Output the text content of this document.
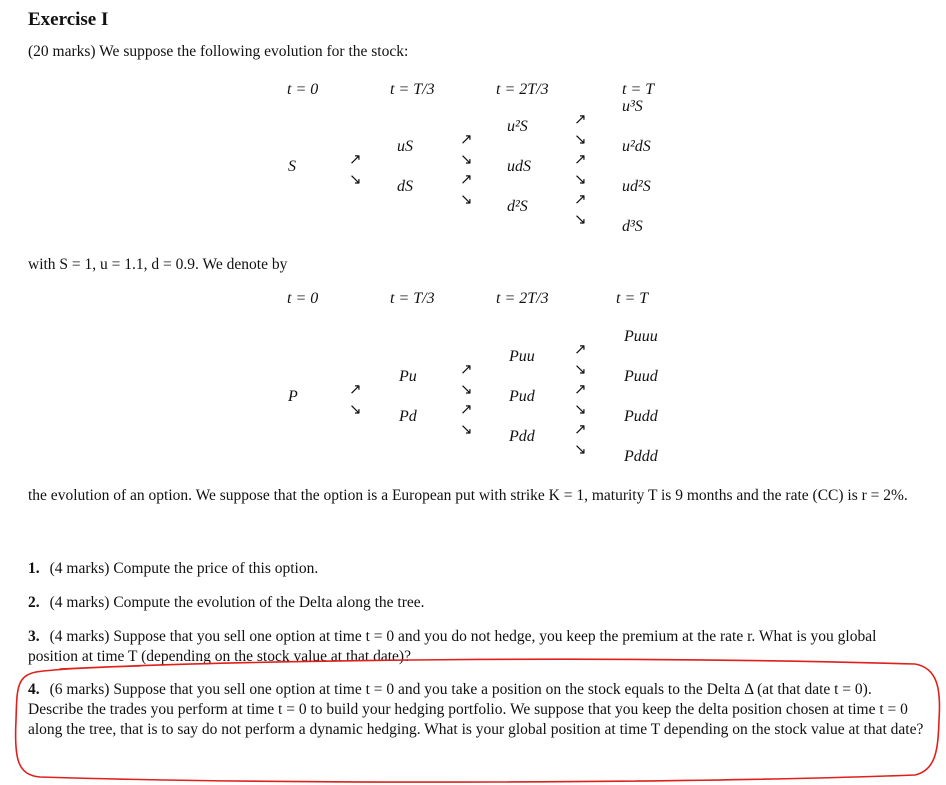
Exercise I
(20 marks) We suppose the following evolution for the stock:
t = 0	t = T/3	t = 2T/3	t = T
S
uS
dS
u²S
udS
d²S
u³S
u²dS
ud²S
d³S
↗
↘
↗
↘
↗
↘
↗
↘
↗
↘
↗
↘
with S = 1, u = 1.1, d = 0.9. We denote by
t = 0	t = T/3	t = 2T/3	t = T
P
Pu
Pd
Puu
Pud
Pdd
Puuu
Puud
Pudd
Pddd
↗
↘
↗
↘
↗
↘
↗
↘
↗
↘
↗
↘
the evolution of an option. We suppose that the option is a European put with strike K = 1, maturity T is 9 months and the rate (CC) is r = 2%.
1. (4 marks) Compute the price of this option.
2. (4 marks) Compute the evolution of the Delta along the tree.
3. (4 marks) Suppose that you sell one option at time t = 0 and you do not hedge, you keep the premium at the rate r. What is you global position at time T (depending on the stock value at that date)?
4. (6 marks) Suppose that you sell one option at time t = 0 and you take a position on the stock equals to the Delta Δ (at that date t = 0). Describe the trades you perform at time t = 0 to build your hedging portfolio. We suppose that you keep the delta position chosen at time t = 0 along the tree, that is to say do not perform a dynamic hedging. What is your global position at time T depending on the stock value at that date?
